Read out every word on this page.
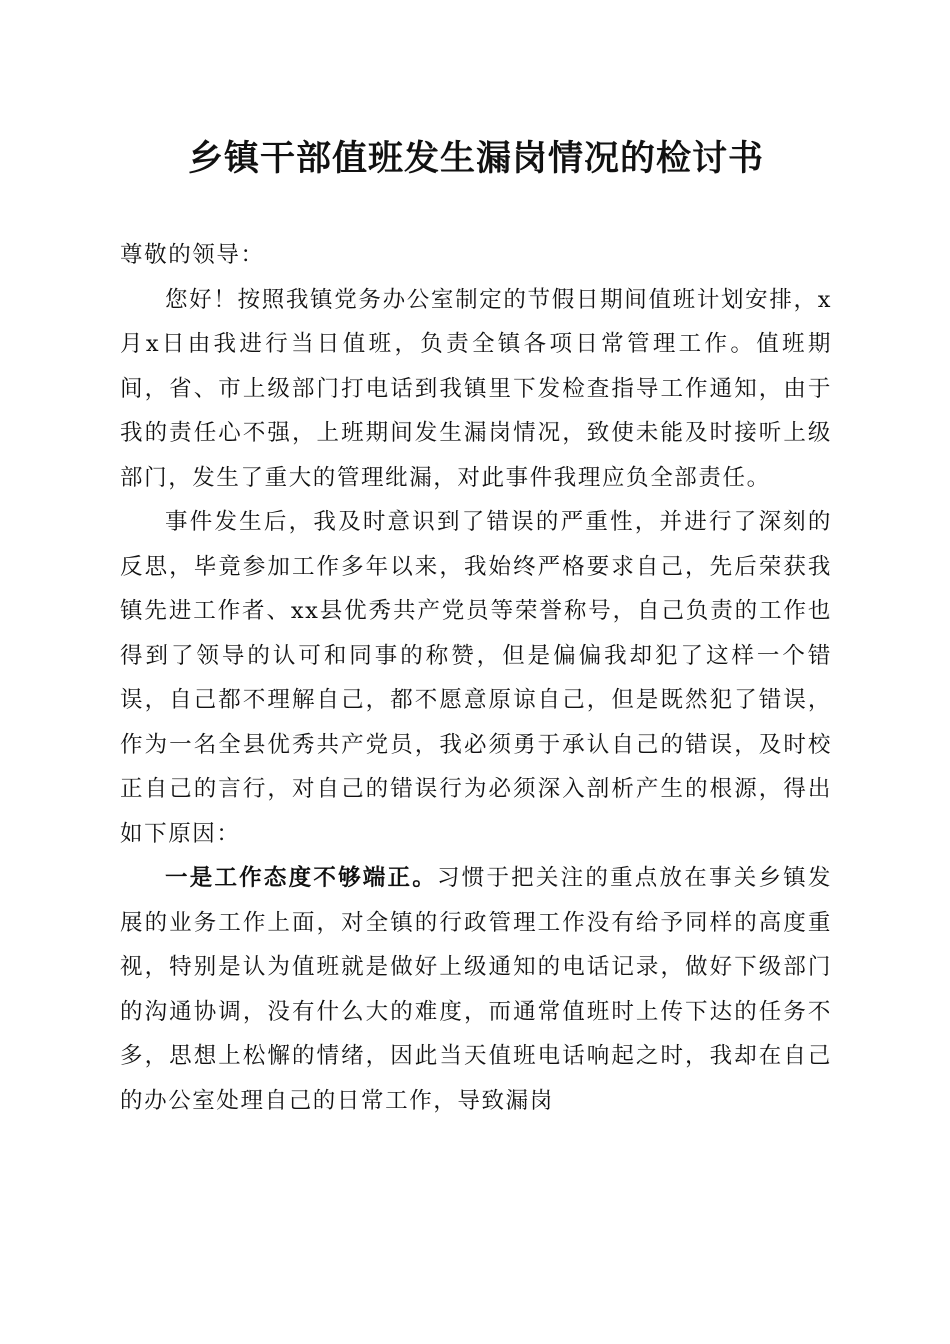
乡镇干部值班发生漏岗情况的检讨书

尊敬的领导：

您好！按照我镇党务办公室制定的节假日期间值班计划安排，x月x日由我进行当日值班，负责全镇各项日常管理工作。值班期间，省、市上级部门打电话到我镇里下发检查指导工作通知，由于我的责任心不强，上班期间发生漏岗情况，致使未能及时接听上级部门，发生了重大的管理纰漏，对此事件我理应负全部责任。

事件发生后，我及时意识到了错误的严重性，并进行了深刻的反思，毕竟参加工作多年以来，我始终严格要求自己，先后荣获我镇先进工作者、xx县优秀共产党员等荣誉称号，自己负责的工作也得到了领导的认可和同事的称赞，但是偏偏我却犯了这样一个错误，自己都不理解自己，都不愿意原谅自己，但是既然犯了错误，作为一名全县优秀共产党员，我必须勇于承认自己的错误，及时校正自己的言行，对自己的错误行为必须深入剖析产生的根源，得出如下原因：

一是工作态度不够端正。习惯于把关注的重点放在事关乡镇发展的业务工作上面，对全镇的行政管理工作没有给予同样的高度重视，特别是认为值班就是做好上级通知的电话记录，做好下级部门的沟通协调，没有什么大的难度，而通常值班时上传下达的任务不多，思想上松懈的情绪，因此当天值班电话响起之时，我却在自己的办公室处理自己的日常工作，导致漏岗
